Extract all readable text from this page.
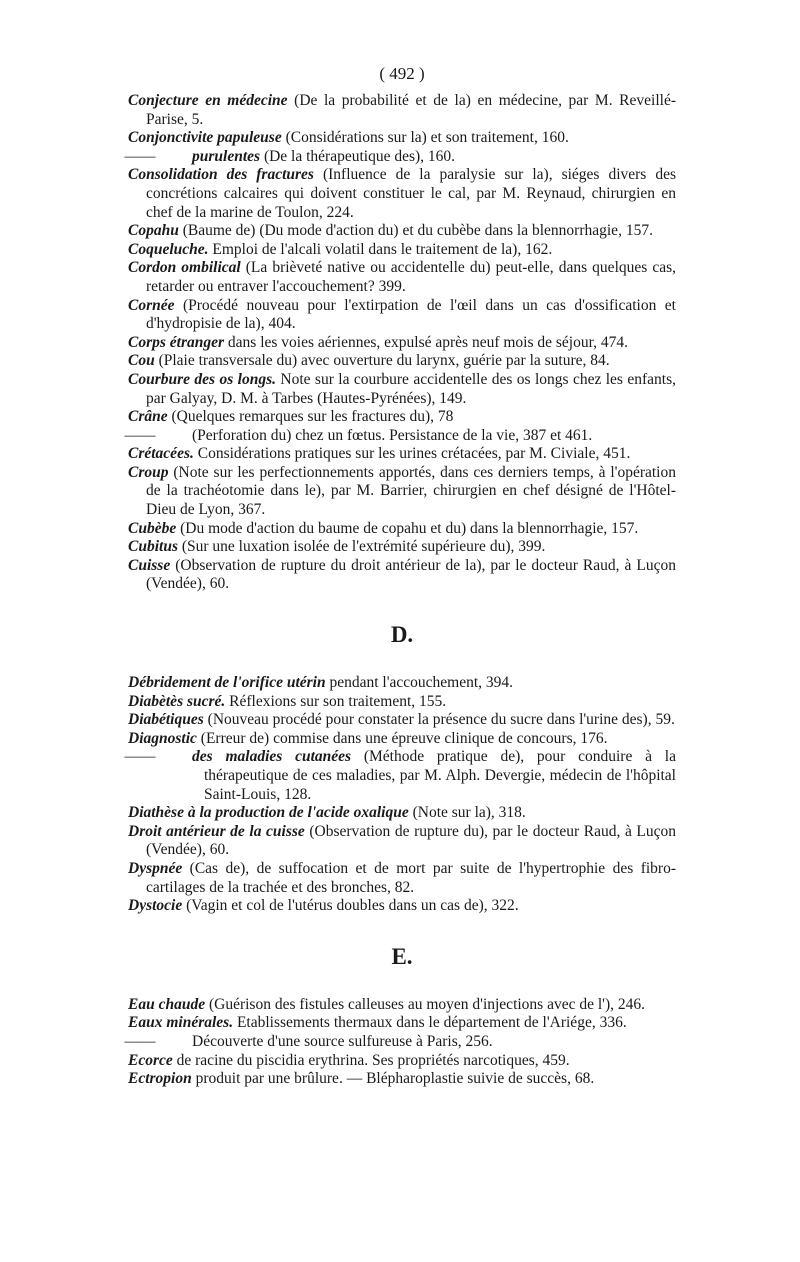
( 492 )

Conjecture en médecine (De la probabilité et de la) en médecine, par M. Reveillé-Parise, 5.

Conjonctivite papuleuse (Considérations sur la) et son traitement, 160.

—— purulentes (De la thérapeutique des), 160.

Consolidation des fractures (Influence de la paralysie sur la), siéges divers des concrétions calcaires qui doivent constituer le cal, par M. Reynaud, chirurgien en chef de la marine de Toulon, 224.

Copahu (Baume de) (Du mode d'action du) et du cubèbe dans la blennorrhagie, 157.

Coqueluche. Emploi de l'alcali volatil dans le traitement de la), 162.

Cordon ombilical (La brièveté native ou accidentelle du) peut-elle, dans quelques cas, retarder ou entraver l'accouchement? 399.

Cornée (Procédé nouveau pour l'extirpation de l'œil dans un cas d'ossification et d'hydropisie de la), 404.

Corps étranger dans les voies aériennes, expulsé après neuf mois de séjour, 474.

Cou (Plaie transversale du) avec ouverture du larynx, guérie par la suture, 84.

Courbure des os longs. Note sur la courbure accidentelle des os longs chez les enfants, par Galyay, D. M. à Tarbes (Hautes-Pyrénées), 149.

Crâne (Quelques remarques sur les fractures du), 78

—— (Perforation du) chez un fœtus. Persistance de la vie, 387 et 461.

Crétacées. Considérations pratiques sur les urines crétacées, par M. Civiale, 451.

Croup (Note sur les perfectionnements apportés, dans ces derniers temps, à l'opération de la trachéotomie dans le), par M. Barrier, chirurgien en chef désigné de l'Hôtel-Dieu de Lyon, 367.

Cubèbe (Du mode d'action du baume de copahu et du) dans la blennorrhagie, 157.

Cubitus (Sur une luxation isolée de l'extrémité supérieure du), 399.

Cuisse (Observation de rupture du droit antérieur de la), par le docteur Raud, à Luçon (Vendée), 60.

D.

Débridement de l'orifice utérin pendant l'accouchement, 394.

Diabètès sucré. Réflexions sur son traitement, 155.

Diabétiques (Nouveau procédé pour constater la présence du sucre dans l'urine des), 59.

Diagnostic (Erreur de) commise dans une épreuve clinique de concours, 176.

—— des maladies cutanées (Méthode pratique de), pour conduire à la thérapeutique de ces maladies, par M. Alph. Devergie, médecin de l'hôpital Saint-Louis, 128.

Diathèse à la production de l'acide oxalique (Note sur la), 318.

Droit antérieur de la cuisse (Observation de rupture du), par le docteur Raud, à Luçon (Vendée), 60.

Dyspnée (Cas de), de suffocation et de mort par suite de l'hypertrophie des fibro-cartilages de la trachée et des bronches, 82.

Dystocie (Vagin et col de l'utérus doubles dans un cas de), 322.

E.

Eau chaude (Guérison des fistules calleuses au moyen d'injections avec de l'), 246.

Eaux minérales. Etablissements thermaux dans le département de l'Ariége, 336.

—— Découverte d'une source sulfureuse à Paris, 256.

Ecorce de racine du piscidia erythrina. Ses propriétés narcotiques, 459.

Ectropion produit par une brûlure. — Blépharoplastie suivie de succès, 68.
